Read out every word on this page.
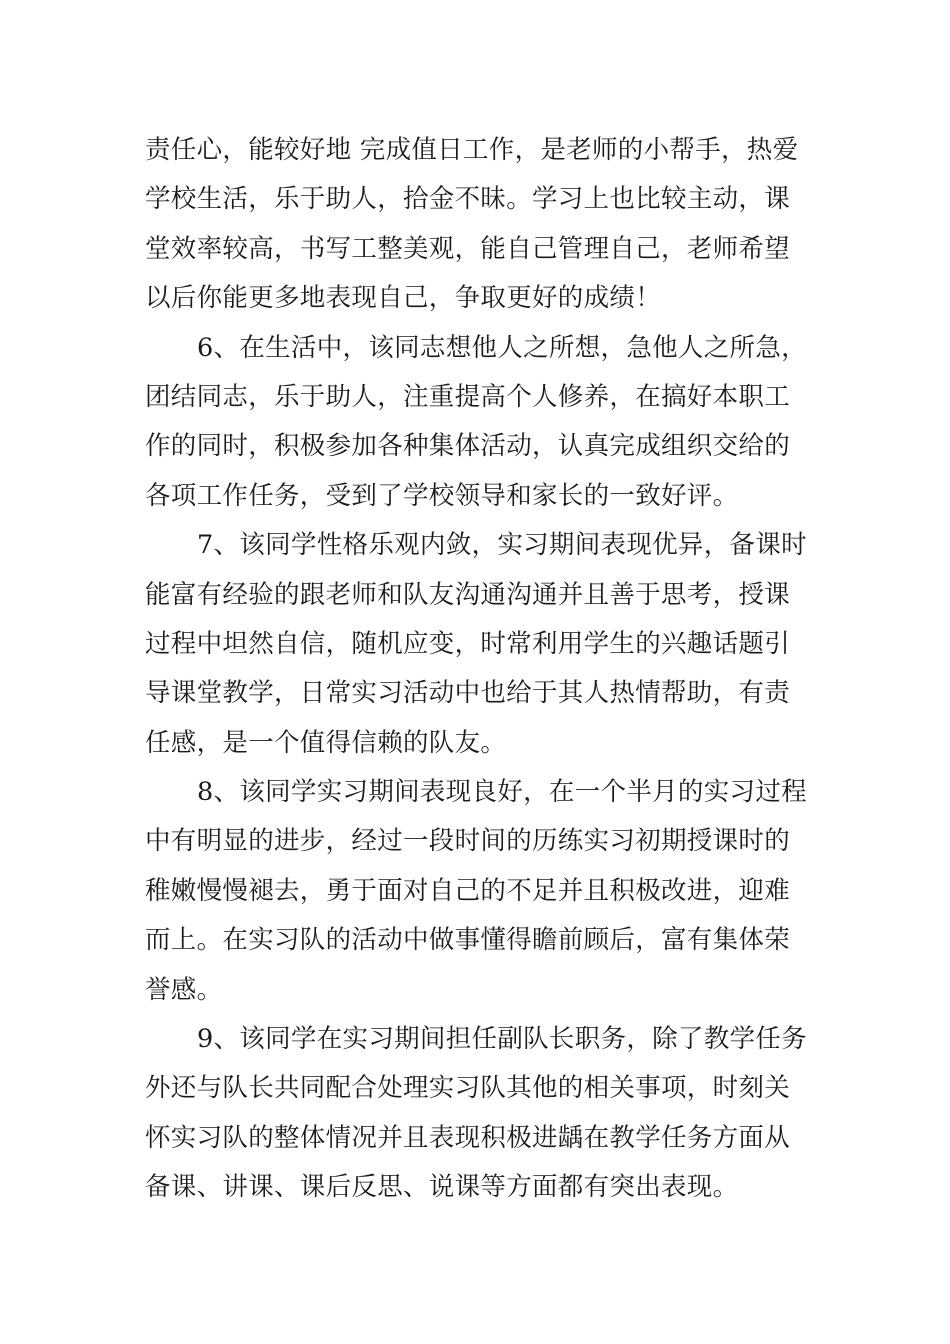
责任心，能较好地 完成值日工作，是老师的小帮手，热爱
学校生活，乐于助人，拾金不昧。学习上也比较主动，课
堂效率较高，书写工整美观，能自己管理自己，老师希望
以后你能更多地表现自己，争取更好的成绩！
6、在生活中，该同志想他人之所想，急他人之所急，
团结同志，乐于助人，注重提高个人修养，在搞好本职工
作的同时，积极参加各种集体活动，认真完成组织交给的
各项工作任务，受到了学校领导和家长的一致好评。
7、该同学性格乐观内敛，实习期间表现优异，备课时
能富有经验的跟老师和队友沟通沟通并且善于思考，授课
过程中坦然自信，随机应变，时常利用学生的兴趣话题引
导课堂教学，日常实习活动中也给于其人热情帮助，有责
任感，是一个值得信赖的队友。
8、该同学实习期间表现良好，在一个半月的实习过程
中有明显的进步，经过一段时间的历练实习初期授课时的
稚嫩慢慢褪去，勇于面对自己的不足并且积极改进，迎难
而上。在实习队的活动中做事懂得瞻前顾后，富有集体荣
誉感。
9、该同学在实习期间担任副队长职务，除了教学任务
外还与队长共同配合处理实习队其他的相关事项，时刻关
怀实习队的整体情况并且表现积极进龋在教学任务方面从
备课、讲课、课后反思、说课等方面都有突出表现。
